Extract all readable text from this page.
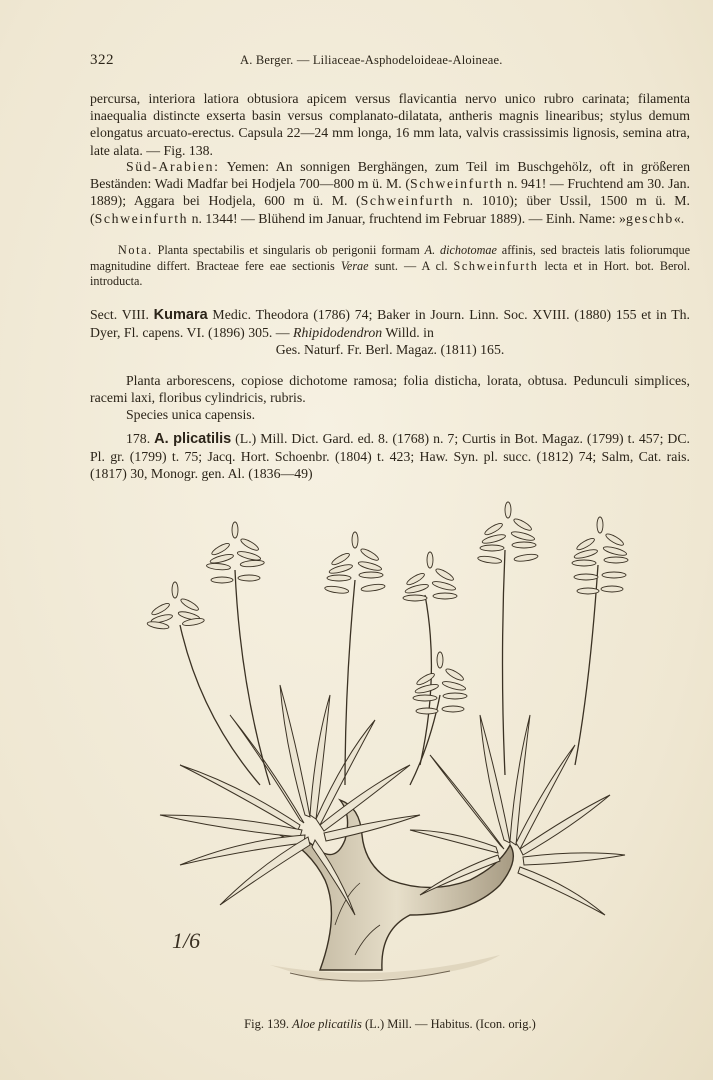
322	A. Berger. — Liliaceae-Asphodeloideae-Aloineae.

percursa, interiora latiora obtusiora apicem versus flavicantia nervo unico rubro carinata; filamenta inaequalia distincte exserta basin versus complanato-dilatata, antheris magnis linearibus; stylus demum elongatus arcuato-erectus. Capsula 22—24 mm longa, 16 mm lata, valvis crassissimis lignosis, semina atra, late alata. — Fig. 138.

Süd-Arabien: Yemen: An sonnigen Berghängen, zum Teil im Buschgehölz, oft in größeren Beständen: Wadi Madfar bei Hodjela 700—800 m ü. M. (Schweinfurth n. 941! — Fruchtend am 30. Jan. 1889); Aggara bei Hodjela, 600 m ü. M. (Schweinfurth n. 1010); über Ussil, 1500 m ü. M. (Schweinfurth n. 1344! — Blühend im Januar, fruchtend im Februar 1889). — Einh. Name: »geschb«.

Nota. Planta spectabilis et singularis ob perigonii formam A. dichotomae affinis, sed bracteis latis foliorumque magnitudine differt. Bracteae fere eae sectionis Verae sunt. — A cl. Schweinfurth lecta et in Hort. bot. Berol. introducta.

Sect. VIII. Kumara Medic. Theodora (1786) 74; Baker in Journ. Linn. Soc. XVIII. (1880) 155 et in Th. Dyer, Fl. capens. VI. (1896) 305. — Rhipidodendron Willd. in

Ges. Naturf. Fr. Berl. Magaz. (1811) 165.

Planta arborescens, copiose dichotome ramosa; folia disticha, lorata, obtusa. Pedunculi simplices, racemi laxi, floribus cylindricis, rubris.

Species unica capensis.

178. A. plicatilis (L.) Mill. Dict. Gard. ed. 8. (1768) n. 7; Curtis in Bot. Magaz. (1799) t. 457; DC. Pl. gr. (1799) t. 75; Jacq. Hort. Schoenbr. (1804) t. 423; Haw. Syn. pl. succ. (1812) 74; Salm, Cat. rais. (1817) 30, Monogr. gen. Al. (1836—49)

1/6
Fig. 139. Aloe plicatilis (L.) Mill. — Habitus. (Icon. orig.)
